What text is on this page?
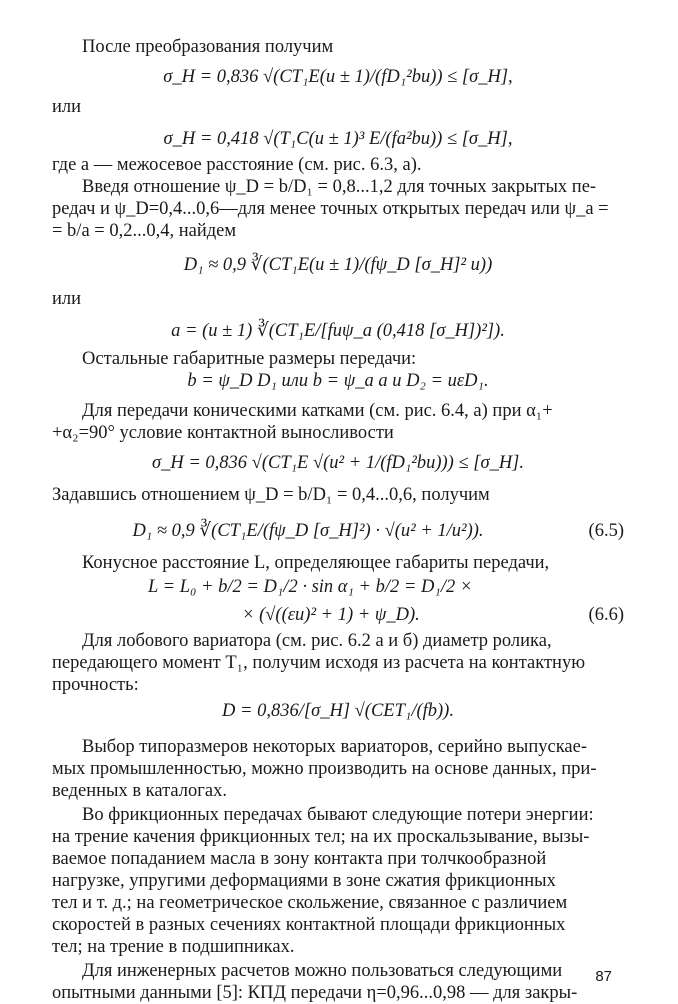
После преобразования получим
σ_H = 0,836 √(CT₁E(u ± 1)/(fD₁²bu)) ≤ [σ_H],
или
σ_H = 0,418 √(T₁C(u ± 1)³ E/(fa²bu)) ≤ [σ_H],
где a — межосевое расстояние (см. рис. 6.3, a).
Введя отношение ψ_D = b/D₁ = 0,8...1,2 для точных закрытых пе-
редач и ψ_D=0,4...0,6—для менее точных открытых передач или ψ_a =
= b/a = 0,2...0,4, найдем
D₁ ≈ 0,9 ∛(CT₁E(u ± 1)/(fψ_D [σ_H]² u))
или
a = (u ± 1) ∛(CT₁E/[fuψ_a (0,418 [σ_H])²]).
Остальные габаритные размеры передачи:
b = ψ_D D₁ или b = ψ_a a и D₂ = uεD₁.
Для передачи коническими катками (см. рис. 6.4, a) при α₁+
+α₂=90° условие контактной выносливости
σ_H = 0,836 √(CT₁E √(u² + 1/(fD₁²bu))) ≤ [σ_H].
Задавшись отношением ψ_D = b/D₁ = 0,4...0,6, получим
D₁ ≈ 0,9 ∛(CT₁E/(fψ_D [σ_H]²) · √(u² + 1/u²)).	(6.5)
Конусное расстояние L, определяющее габариты передачи,
L = L₀ + b/2 = D₁/2 · sin α₁ + b/2 = D₁/2 ×
× (√((εu)² + 1) + ψ_D).	(6.6)
Для лобового вариатора (см. рис. 6.2 a и б) диаметр ролика,
передающего момент T₁, получим исходя из расчета на контактную
прочность:
D = 0,836/[σ_H] √(CET₁/(fb)).
Выбор типоразмеров некоторых вариаторов, серийно выпускае-
мых промышленностью, можно производить на основе данных, при-
веденных в каталогах.
Во фрикционных передачах бывают следующие потери энергии:
на трение качения фрикционных тел; на их проскальзывание, вызы-
ваемое попаданием масла в зону контакта при толчкообразной
нагрузке, упругими деформациями в зоне сжатия фрикционных
тел и т. д.; на геометрическое скольжение, связанное с различием
скоростей в разных сечениях контактной площади фрикционных
тел; на трение в подшипниках.
Для инженерных расчетов можно пользоваться следующими
опытными данными [5]: КПД передачи η=0,96...0,98 — для закры-
87
